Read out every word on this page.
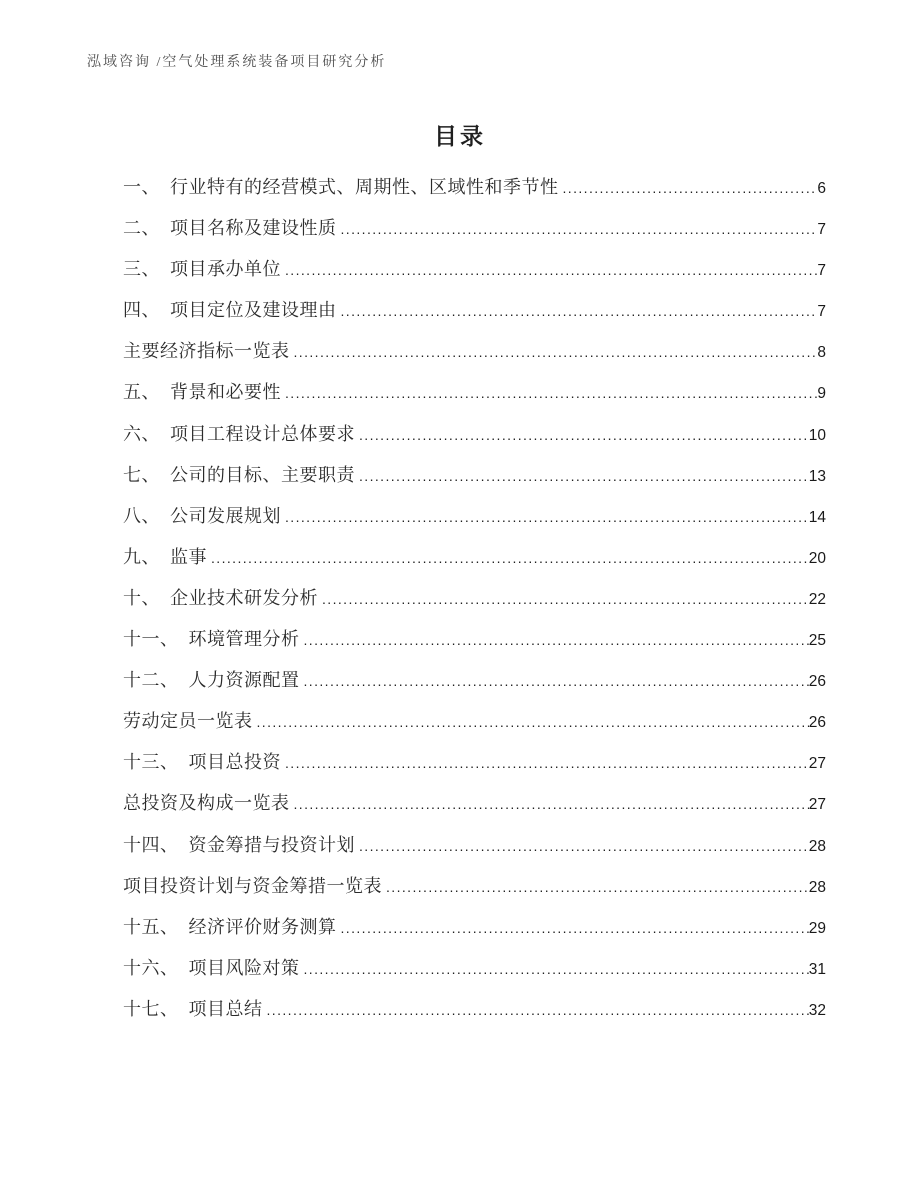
泓域咨询 /空气处理系统装备项目研究分析
目录
一、 行业特有的经营模式、周期性、区域性和季节性 .....	6
二、 项目名称及建设性质 .....	7
三、 项目承办单位 .....	7
四、 项目定位及建设理由 .....	7
主要经济指标一览表 .....	8
五、 背景和必要性 .....	9
六、 项目工程设计总体要求 .....	10
七、 公司的目标、主要职责 .....	13
八、 公司发展规划 .....	14
九、 监事 .....	20
十、 企业技术研发分析 .....	22
十一、 环境管理分析 .....	25
十二、 人力资源配置 .....	26
劳动定员一览表 .....	26
十三、 项目总投资 .....	27
总投资及构成一览表 .....	27
十四、 资金筹措与投资计划 .....	28
项目投资计划与资金筹措一览表 .....	28
十五、 经济评价财务测算 .....	29
十六、 项目风险对策 .....	31
十七、 项目总结 .....	32
